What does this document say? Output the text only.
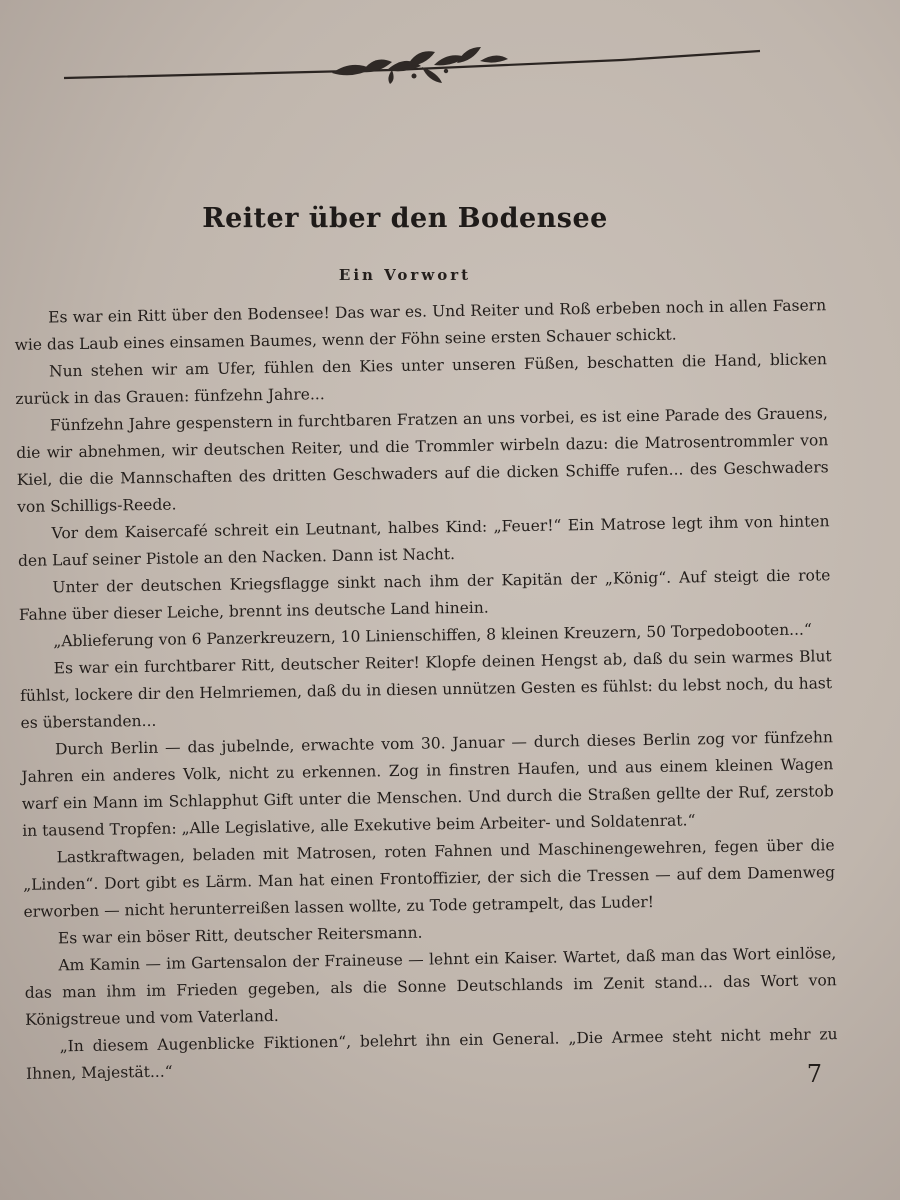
Reiter über den Bodensee
Ein Vorwort

Es war ein Ritt über den Bodensee! Das war es. Und Reiter und Roß erbeben noch in allen Fasern wie das Laub eines einsamen Baumes, wenn der Föhn seine ersten Schauer schickt.

Nun stehen wir am Ufer, fühlen den Kies unter unseren Füßen, beschatten die Hand, blicken zurück in das Grauen: fünfzehn Jahre...

Fünfzehn Jahre gespenstern in furchtbaren Fratzen an uns vorbei, es ist eine Parade des Grauens, die wir abnehmen, wir deutschen Reiter, und die Trommler wirbeln dazu: die Matrosentrommler von Kiel, die die Mannschaften des dritten Geschwaders auf die dicken Schiffe rufen... des Geschwaders von Schilligs-Reede.

Vor dem Kaisercafé schreit ein Leutnant, halbes Kind: „Feuer!“ Ein Matrose legt ihm von hinten den Lauf seiner Pistole an den Nacken. Dann ist Nacht.

Unter der deutschen Kriegsflagge sinkt nach ihm der Kapitän der „König“. Auf steigt die rote Fahne über dieser Leiche, brennt ins deutsche Land hinein.

„Ablieferung von 6 Panzerkreuzern, 10 Linienschiffen, 8 kleinen Kreuzern, 50 Torpedobooten...“

Es war ein furchtbarer Ritt, deutscher Reiter! Klopfe deinen Hengst ab, daß du sein warmes Blut fühlst, lockere dir den Helmriemen, daß du in diesen unnützen Gesten es fühlst: du lebst noch, du hast es überstanden...

Durch Berlin — das jubelnde, erwachte vom 30. Januar — durch dieses Berlin zog vor fünfzehn Jahren ein anderes Volk, nicht zu erkennen. Zog in finstren Haufen, und aus einem kleinen Wagen warf ein Mann im Schlapphut Gift unter die Menschen. Und durch die Straßen gellte der Ruf, zerstob in tausend Tropfen: „Alle Legislative, alle Exekutive beim Arbeiter- und Soldatenrat.“

Lastkraftwagen, beladen mit Matrosen, roten Fahnen und Maschinengewehren, fegen über die „Linden“. Dort gibt es Lärm. Man hat einen Frontoffizier, der sich die Tressen — auf dem Damenweg erworben — nicht herunterreißen lassen wollte, zu Tode getrampelt, das Luder!

Es war ein böser Ritt, deutscher Reitersmann.

Am Kamin — im Gartensalon der Fraineuse — lehnt ein Kaiser. Wartet, daß man das Wort einlöse, das man ihm im Frieden gegeben, als die Sonne Deutschlands im Zenit stand... das Wort von Königstreue und vom Vaterland.

„In diesem Augenblicke Fiktionen“, belehrt ihn ein General. „Die Armee steht nicht mehr zu Ihnen, Majestät...“	7
